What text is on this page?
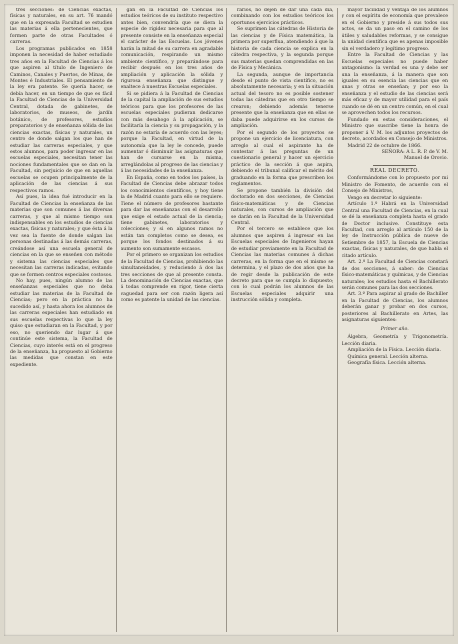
tres secciones: de Ciencias exactas, físicas y naturales, en su art. 76 mandó que en la expresada Facultad se estudien las materias á ella pertenecientes, que formen parte de otras Facultades ó carreras.

Los programas publicados en 1858 imponen la necesidad de haber estudiado tres años en la Facultad de Ciencias á los que aspiren al título de Ingeniero de Caminos, Canales y Puertos, de Minas, de Montes é Industriales. El pensamiento de la ley era patente. Se quería hacer, se debía hacer, en un tiempo de que es fácil la Facultad de Ciencias de la Universidad Central, dotada de gabinetes, de laboratorios, de museos, de jardín botánico, de profesores, estudios preparatorios y de enseñanza sólida de las ciencias exactas, físicas y naturales, un centro de donde salgan los que han de estudiar las carreras especiales, y que estos alumnos, para poder ingresar en las escuelas especiales, necesitan tener las nociones fundamentales que se dan en la Facultad, sin perjuicio de que en aquellas escuelas se ocupen principalmente de la aplicación de las ciencias á sus respectivos ramos.

Así pues, la idea fué introducir en la Facultad de Ciencias la enseñanza de las materias que son comunes á las diversas carreras, y que al mismo tiempo son indispensables en los estudios de ciencias exactas, físicas y naturales; y que ésta á la vez sea la fuente de donde salgan las personas destinadas á las demás carreras, creándose así una escuela general de ciencias en la que se enseñen con método y sistema las ciencias especiales que necesitan las carreras indicadas, evitando que se formen centros especiales costosos.

No hay, pues, ningún alumno de las enseñanzas especiales que no deba estudiar las materias de la Facultad de Ciencias; pero en la práctica no ha sucedido así, y hasta ahora los alumnos de las carreras especiales han estudiado en sus escuelas respectivas lo que la ley quiso que estudiaran en la Facultad, y por eso, no queriendo dar lugar á que continúe este sistema, la Facultad de Ciencias, cuyo interés está en el progreso de la enseñanza, ha propuesto al Gobierno las medidas que constan en este expediente.

gan en la Facultad de Ciencias los estudios teóricos de su instituto respectivo antes bien, convendría que se diera la especie de rigidez necesaria para que al presente consiste en la enseñanza especial el carácter de las Escuelas. Los jóvenes harán la mitad de su carrera en agradable comunicación, respirando un mismo ambiente científico, y preparándose para recibir después en los tres años de ampliación y aplicación la sólida y rigurosa enseñanza que distingue y enaltece á nuestras Escuelas especiales.

Si se pidiera á la Facultad de Ciencias de la capital la ampliación de sus estudios teóricos para que los profesores de las escuelas especiales pudieran dedicarse con más desahogo á la aplicación, se facilitaría la ciencia y su propagación, y la razón no estaría de acuerdo con las leyes; porque la Facultad, en virtud de la autonomía que la ley le concede, puede aumentar ó disminuir las asignaturas que han de cursarse en la misma, arreglándolas al progreso de las ciencias y á las necesidades de la enseñanza.

En España, como en todos los países, la Facultad de Ciencias debe abrazar todos los conocimientos científicos, y hoy tiene la de Madrid cuanto para ello se requiere. Tiene el número de profesores bastante para dar las enseñanzas con el desarrollo que exige el estado actual de la ciencia; tiene gabinetes, laboratorios y colecciones; y si en algunos ramos no están tan completos como se desea, es porque los fondos destinados á su aumento son sumamente escasos.

Por el primero se organizan los estudios de la Facultad de Ciencias, prohibiendo las simultaneidades, y reduciendo á dos las tres secciones de que al presente consta. La denominación de Ciencias exactas, que á todas comprende en rigor, tiene cierta vaguedad para ser con razón ligera así como es patente la unidad de las ciencias.

rarios, no dejen de dar una cada día, combinando con los estudios teóricos los oportunos ejercicios prácticos.

Se suprimen las cátedras de Historia de las ciencias y de Física matemática, la primera por superflua, atendiendo á que la historia de cada ciencia se explica en la cátedra respectiva, y la segunda porque sus materias quedan comprendidas en las de Física y Mecánica.

La segunda, aunque de importancia desde el punto de vista científico, no es absolutamente necesaria; y en la situación actual del tesoro no es posible sostener todas las cátedras que en otro tiempo se crearon; debiendo además tenerse presente que la enseñanza que en ellas se daba puede adquirirse en los cursos de ampliación.

Por el segundo de los proyectos se propone un ejercicio de licenciatura, con arreglo al cual el aspirante ha de contestar á las preguntas de un cuestionario general y hacer un ejercicio práctico de la sección á que aspira, debiendo el tribunal calificar el mérito del graduando en la forma que prescriben los reglamentos.

Se propone también la división del doctorado en dos secciones, de Ciencias físico-matemáticas y de Ciencias naturales, con cursos de ampliación que se darán en la Facultad de la Universidad Central.

Por el tercero se establece que los alumnos que aspiren á ingresar en las Escuelas especiales de Ingenieros hayan de estudiar previamente en la Facultad de Ciencias las materias comunes á dichas carreras, en la forma que en el mismo se determina, y el plazo de dos años que ha de regir desde la publicación de este decreto para que se cumpla lo dispuesto; con lo cual podrán los alumnos de las Escuelas especiales adquirir una instrucción sólida y completa.

mayor facilidad y ventaja de los alumnos y con el espíritu de economía que prevalece en el Gobierno y preside á sus todos sus actos, se da un paso en el camino de los útiles y saludables reformas, y se consigue la unidad científica que es apenas imposible sin el verdadero y legítimo progreso.

Entre la Facultad de Ciencias y las Escuelas especiales no puede haber antagonismo: la verdad es una y debe ser una la enseñanza, á la manera que son iguales en su esencia las ciencias que en unas y otras se enseñan; y por eso la enseñanza y el estudio de las ciencias será más eficaz y de mayor utilidad para el país cuando se dé en un centro común, en el cual se aprovechen todos los recursos.

Fundado en estas consideraciones, el Ministro que suscribe tiene la honra de proponer á V. M. los adjuntos proyectos de decreto, acordados en Consejo de Ministros.

Madrid 22 de octubre de 1866.

SEÑORA: A L. R. P. de V. M.

Manuel de Orovio.

REAL DECRETO.

Conformándome con lo propuesto por mi Ministro de Fomento, de acuerdo con el Consejo de Ministros,

Vengo en decretar lo siguiente:

Artículo 1.º Habrá en la Universidad Central una Facultad de Ciencias, en la cual se dé la enseñanza completa hasta el grado de Doctor inclusive. Constituye esta Facultad, con arreglo al artículo 150 de la ley de Instrucción pública de nueve de Setiembre de 1857, la Escuela de Ciencias exactas, físicas y naturales, de que habla el citado artículo.

Art. 2.º La Facultad de Ciencias constará de dos secciones, á saber: de Ciencias físico-matemáticas y químicas, y de Ciencias naturales; los estudios hasta el Bachillerato serán comunes para las dos secciones.

Art. 3.º Para aspirar al grado de Bachiller en la Facultad de Ciencias, los alumnos deberán ganar y probar en dos cursos, posteriores al Bachillerato en Artes, las asignaturas siguientes:

Primer año.

Álgebra, Geometría y Trigonometría. Lección diaria.

Ampliación de la Física. Lección diaria.

Química general. Lección alterna.

Geografía física. Lección alterna.
